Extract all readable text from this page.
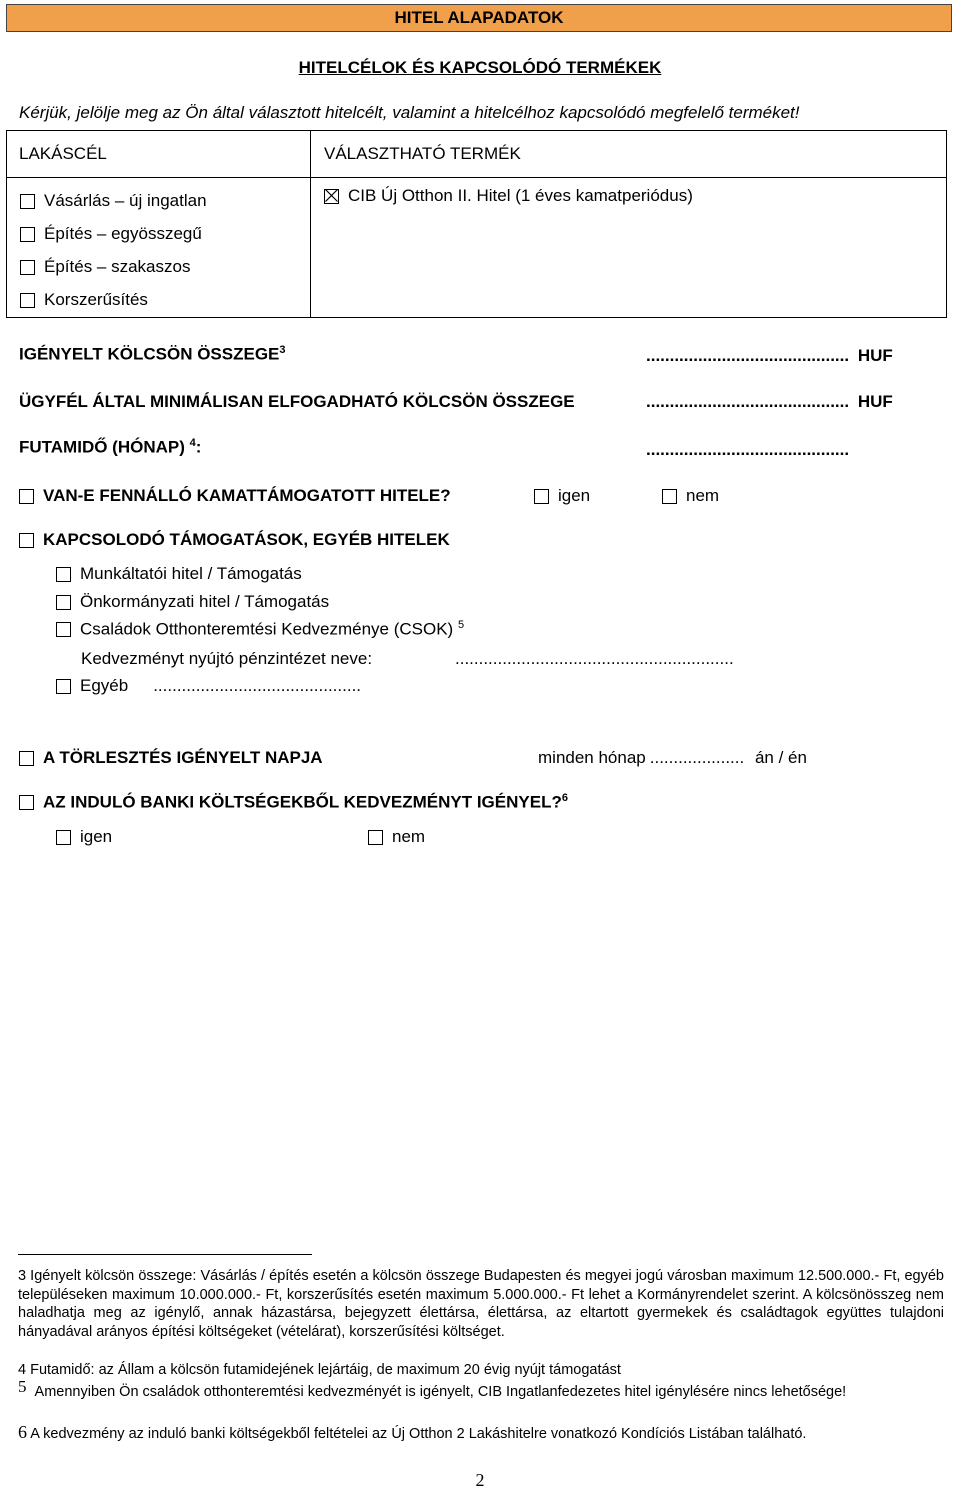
HITEL ALAPADATOK
HITELCÉLOK ÉS KAPCSOLÓDÓ TERMÉKEK
Kérjük, jelölje meg az Ön által választott hitelcélt, valamint a hitelcélhoz kapcsolódó megfelelő terméket!
LAKÁSCÉL	VÁLASZTHATÓ TERMÉK
Vásárlás – új ingatlan
Építés – egyösszegű
Építés – szakaszos
Korszerűsítés
CIB Új Otthon II. Hitel (1 éves kamatperiódus)
IGÉNYELT KÖLCSÖN ÖSSZEGE$^3$	........................................... HUF
ÜGYFÉL ÁLTAL MINIMÁLISAN ELFOGADHATÓ KÖLCSÖN ÖSSZEGE	........................................... HUF
FUTAMIDŐ (HÓNAP) $^4$:	...........................................
VAN-E FENNÁLLÓ KAMATTÁMOGATOTT HITELE?	igen	nem
KAPCSOLODÓ TÁMOGATÁSOK, EGYÉB HITELEK
Munkáltatói hitel / Támogatás
Önkormányzati hitel / Támogatás
Családok Otthonteremtési Kedvezménye (CSOK) $^5$
Kedvezményt nyújtó pénzintézet neve:	...........................................................
Egyéb ............................................
A TÖRLESZTÉS IGÉNYELT NAPJA	minden hónap .................... án / én
AZ INDULÓ BANKI KÖLTSÉGEKBŐL KEDVEZMÉNYT IGÉNYEL?$^6$
igen	nem
3 Igényelt kölcsön összege: Vásárlás / építés esetén a kölcsön összege Budapesten és megyei jogú városban maximum 12.500.000.- Ft, egyéb településeken maximum 10.000.000.- Ft, korszerűsítés esetén maximum 5.000.000.- Ft lehet a Kormányrendelet szerint. A kölcsönösszeg nem haladhatja meg az igénylő, annak házastársa, bejegyzett élettársa, élettársa, az eltartott gyermekek és családtagok együttes tulajdoni hányadával arányos építési költségeket (vételárat), korszerűsítési költséget.
4 Futamidő: az Állam a kölcsön futamidejének lejártáig, de maximum 20 évig nyújt támogatást
5 Amennyiben Ön családok otthonteremtési kedvezményét is igényelt, CIB Ingatlanfedezetes hitel igénylésére nincs lehetősége!
6 A kedvezmény az induló banki költségekből feltételei az Új Otthon 2 Lakáshitelre vonatkozó Kondíciós Listában található.
2
